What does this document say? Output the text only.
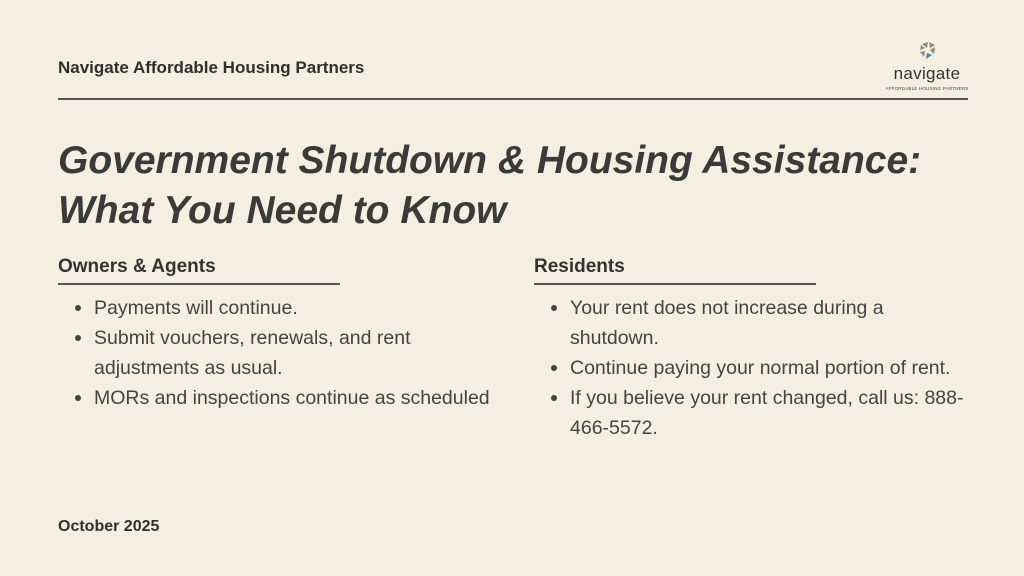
Navigate Affordable Housing Partners	navigate
AFFORDABLE HOUSING PARTNERS
Government Shutdown & Housing Assistance:
What You Need to Know
Owners & Agents
Payments will continue.
Submit vouchers, renewals, and rent adjustments as usual.
MORs and inspections continue as scheduled
Residents
Your rent does not increase during a shutdown.
Continue paying your normal portion of rent.
If you believe your rent changed, call us: 888-466-5572.
October 2025
